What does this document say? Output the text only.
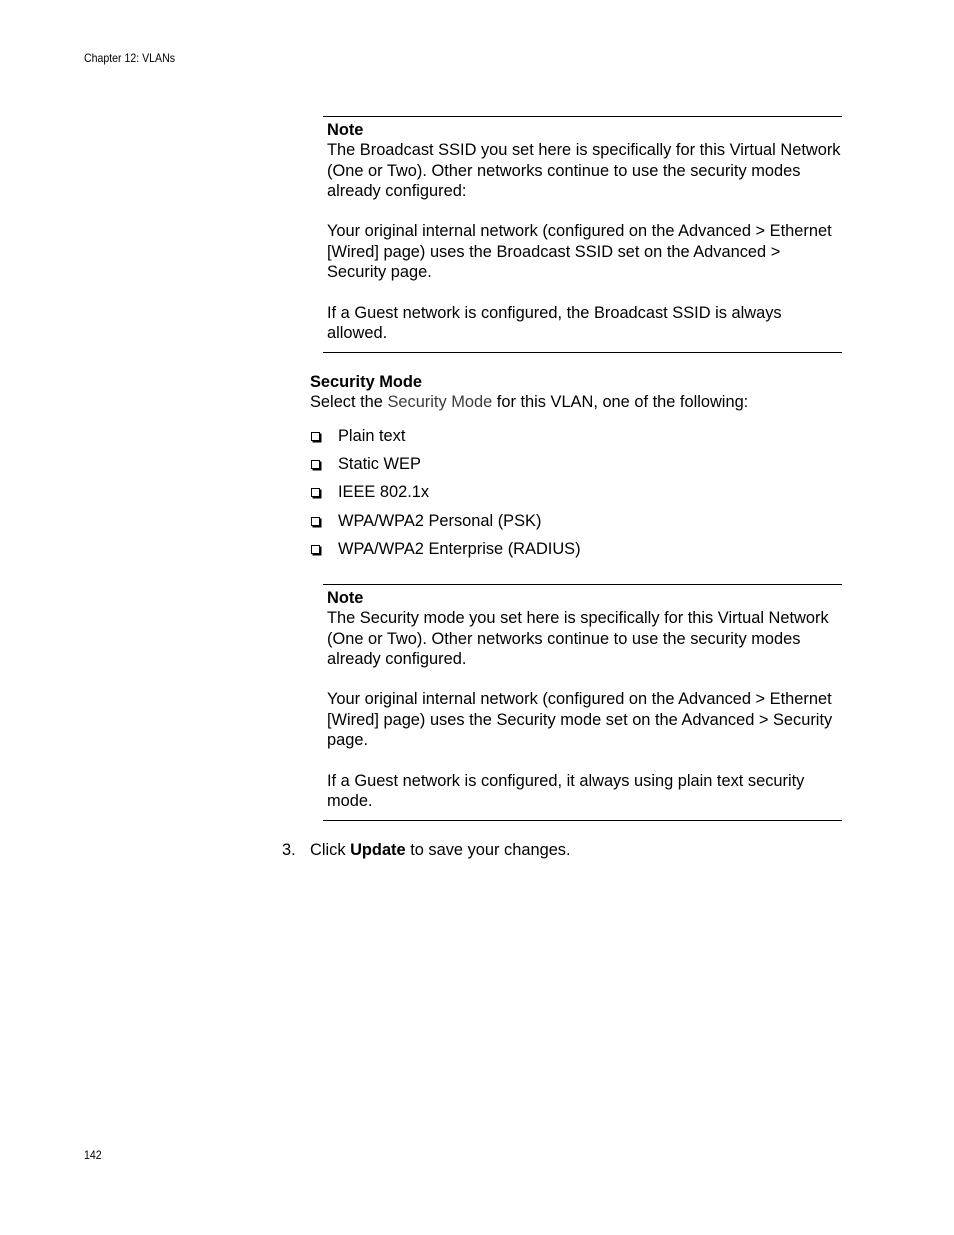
Chapter 12: VLANs
Note

The Broadcast SSID you set here is specifically for this Virtual Network (One or Two). Other networks continue to use the security modes already configured:

Your original internal network (configured on the Advanced > Ethernet [Wired] page) uses the Broadcast SSID set on the Advanced > Security page.

If a Guest network is configured, the Broadcast SSID is always allowed.

Security Mode
Select the Security Mode for this VLAN, one of the following:
Plain text
Static WEP
IEEE 802.1x
WPA/WPA2 Personal (PSK)
WPA/WPA2 Enterprise (RADIUS)
Note

The Security mode you set here is specifically for this Virtual Network (One or Two). Other networks continue to use the security modes already configured.

Your original internal network (configured on the Advanced > Ethernet [Wired] page) uses the Security mode set on the Advanced > Security page.

If a Guest network is configured, it always using plain text security mode.

3. Click Update to save your changes.
142
